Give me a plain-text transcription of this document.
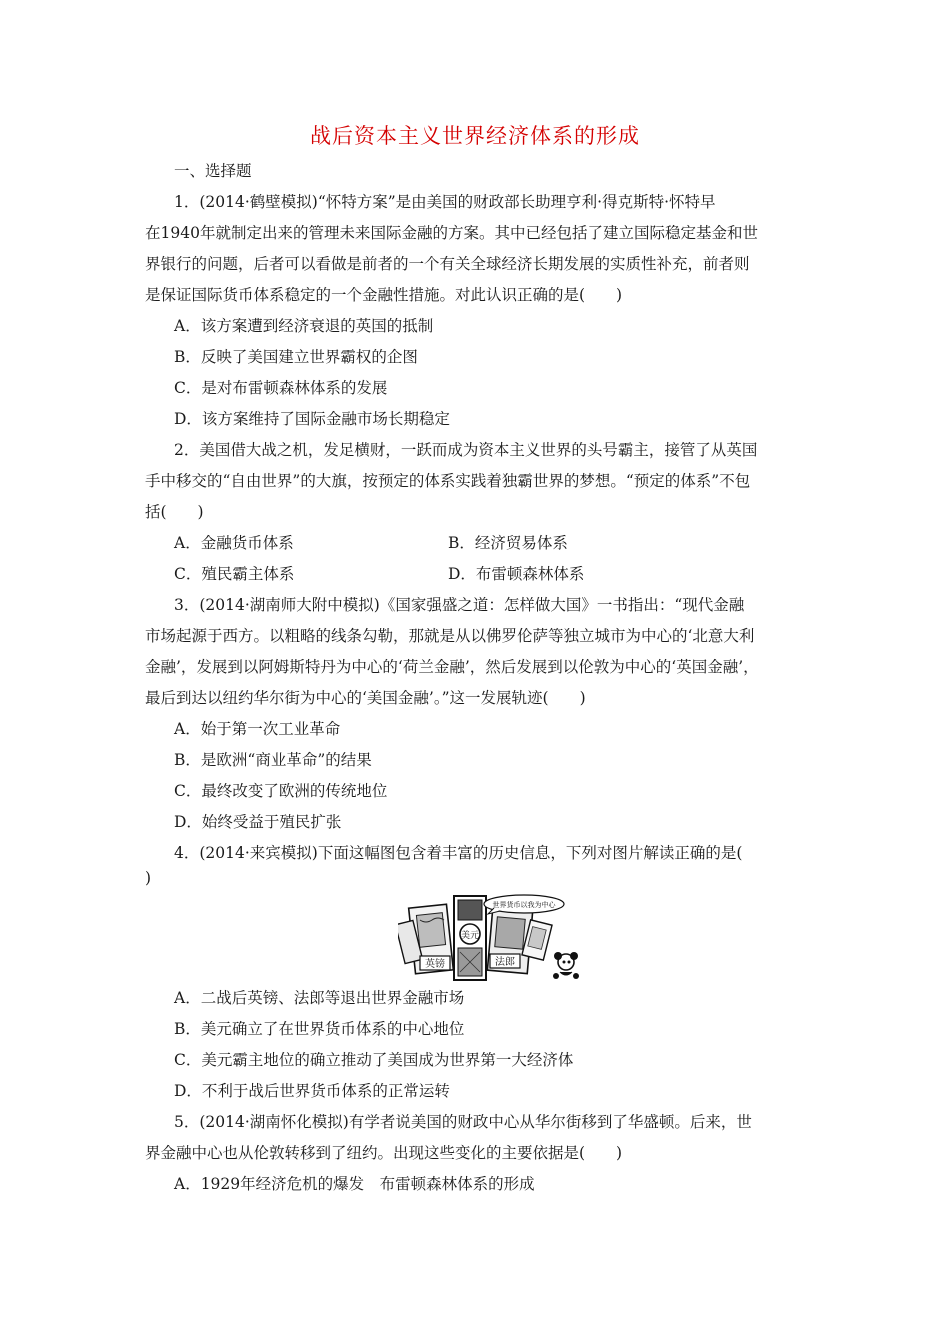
战后资本主义世界经济体系的形成
一、选择题
1．(2014·鹤壁模拟)“怀特方案”是由美国的财政部长助理亨利·得克斯特·怀特早
在1940年就制定出来的管理未来国际金融的方案。其中已经包括了建立国际稳定基金和世
界银行的问题，后者可以看做是前者的一个有关全球经济长期发展的实质性补充，前者则
是保证国际货币体系稳定的一个金融性措施。对此认识正确的是(　　)
A．该方案遭到经济衰退的英国的抵制
B．反映了美国建立世界霸权的企图
C．是对布雷顿森林体系的发展
D．该方案维持了国际金融市场长期稳定
2．美国借大战之机，发足横财，一跃而成为资本主义世界的头号霸主，接管了从英国
手中移交的“自由世界”的大旗，按预定的体系实践着独霸世界的梦想。“预定的体系”不包
括(　　)
A．金融货币体系	B．经济贸易体系
C．殖民霸主体系	D．布雷顿森林体系
3．(2014·湖南师大附中模拟)《国家强盛之道：怎样做大国》一书指出：“现代金融
市场起源于西方。以粗略的线条勾勒，那就是从以佛罗伦萨等独立城市为中心的‘北意大利
金融’，发展到以阿姆斯特丹为中心的‘荷兰金融’，然后发展到以伦敦为中心的‘英国金融’，
最后到达以纽约华尔街为中心的‘美国金融’。”这一发展轨迹(　　)
A．始于第一次工业革命
B．是欧洲“商业革命”的结果
C．最终改变了欧洲的传统地位
D．始终受益于殖民扩张
4．(2014·来宾模拟)下面这幅图包含着丰富的历史信息，下列对图片解读正确的是(
)
英镑
美元
法郎
世界货币以我为中心
A．二战后英镑、法郎等退出世界金融市场
B．美元确立了在世界货币体系的中心地位
C．美元霸主地位的确立推动了美国成为世界第一大经济体
D．不利于战后世界货币体系的正常运转
5．(2014·湖南怀化模拟)有学者说美国的财政中心从华尔街移到了华盛顿。后来，世
界金融中心也从伦敦转移到了纽约。出现这些变化的主要依据是(　　)
A．1929年经济危机的爆发　布雷顿森林体系的形成
